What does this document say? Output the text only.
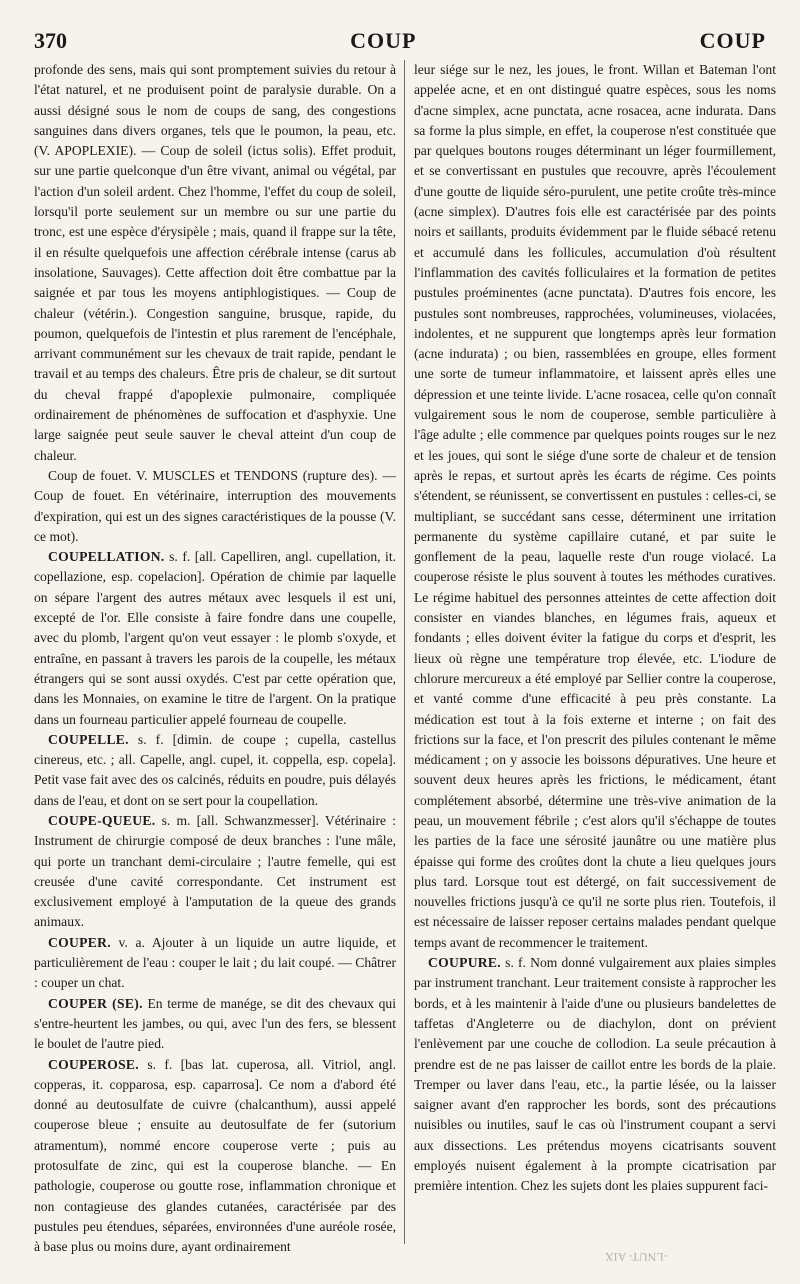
370	COUP	COUP

profonde des sens, mais qui sont promptement suivies du retour à l'état naturel, et ne produisent point de paralysie durable. On a aussi désigné sous le nom de coups de sang, des congestions sanguines dans divers organes, tels que le poumon, la peau, etc. (V. APOPLEXIE). — Coup de soleil (ictus solis). Effet produit, sur une partie quelconque d'un être vivant, animal ou végétal, par l'action d'un soleil ardent. Chez l'homme, l'effet du coup de soleil, lorsqu'il porte seulement sur un membre ou sur une partie du tronc, est une espèce d'érysipèle ; mais, quand il frappe sur la tête, il en résulte quelquefois une affection cérébrale intense (carus ab insolatione, Sauvages). Cette affection doit être combattue par la saignée et par tous les moyens antiphlogistiques. — Coup de chaleur (vétérin.). Congestion sanguine, brusque, rapide, du poumon, quelquefois de l'intestin et plus rarement de l'encéphale, arrivant communément sur les chevaux de trait rapide, pendant le travail et au temps des chaleurs. Être pris de chaleur, se dit surtout du cheval frappé d'apoplexie pulmonaire, compliquée ordinairement de phénomènes de suffocation et d'asphyxie. Une large saignée peut seule sauver le cheval atteint d'un coup de chaleur.

Coup de fouet. V. MUSCLES et TENDONS (rupture des). — Coup de fouet. En vétérinaire, interruption des mouvements d'expiration, qui est un des signes caractéristiques de la pousse (V. ce mot).

COUPELLATION. s. f. [all. Capelliren, angl. cupellation, it. copellazione, esp. copelacion]. Opération de chimie par laquelle on sépare l'argent des autres métaux avec lesquels il est uni, excepté de l'or. Elle consiste à faire fondre dans une coupelle, avec du plomb, l'argent qu'on veut essayer : le plomb s'oxyde, et entraîne, en passant à travers les parois de la coupelle, les métaux étrangers qui se sont aussi oxydés. C'est par cette opération que, dans les Monnaies, on examine le titre de l'argent. On la pratique dans un fourneau particulier appelé fourneau de coupelle.

COUPELLE. s. f. [dimin. de coupe ; cupella, castellus cinereus, etc. ; all. Capelle, angl. cupel, it. coppella, esp. copela]. Petit vase fait avec des os calcinés, réduits en poudre, puis délayés dans de l'eau, et dont on se sert pour la coupellation.

COUPE-QUEUE. s. m. [all. Schwanzmesser]. Vétérinaire : Instrument de chirurgie composé de deux branches : l'une mâle, qui porte un tranchant demi-circulaire ; l'autre femelle, qui est creusée d'une cavité correspondante. Cet instrument est exclusivement employé à l'amputation de la queue des grands animaux.

COUPER. v. a. Ajouter à un liquide un autre liquide, et particulièrement de l'eau : couper le lait ; du lait coupé. — Châtrer : couper un chat.

COUPER (SE). En terme de manége, se dit des chevaux qui s'entre-heurtent les jambes, ou qui, avec l'un des fers, se blessent le boulet de l'autre pied.

COUPEROSE. s. f. [bas lat. cuperosa, all. Vitriol, angl. copperas, it. copparosa, esp. caparrosa]. Ce nom a d'abord été donné au deutosulfate de cuivre (chalcanthum), aussi appelé couperose bleue ; ensuite au deutosulfate de fer (sutorium atramentum), nommé encore couperose verte ; puis au protosulfate de zinc, qui est la couperose blanche. — En pathologie, couperose ou goutte rose, inflammation chronique et non contagieuse des glandes cutanées, caractérisée par des pustules peu étendues, séparées, environnées d'une auréole rosée, à base plus ou moins dure, ayant ordinairement

leur siége sur le nez, les joues, le front. Willan et Bateman l'ont appelée acne, et en ont distingué quatre espèces, sous les noms d'acne simplex, acne punctata, acne rosacea, acne indurata. Dans sa forme la plus simple, en effet, la couperose n'est constituée que par quelques boutons rouges déterminant un léger fourmillement, et se convertissant en pustules que recouvre, après l'écoulement d'une goutte de liquide séro-purulent, une petite croûte très-mince (acne simplex). D'autres fois elle est caractérisée par des points noirs et saillants, produits évidemment par le fluide sébacé retenu et accumulé dans les follicules, accumulation d'où résultent l'inflammation des cavités folliculaires et la formation de petites pustules proéminentes (acne punctata). D'autres fois encore, les pustules sont nombreuses, rapprochées, volumineuses, violacées, indolentes, et ne suppurent que longtemps après leur formation (acne indurata) ; ou bien, rassemblées en groupe, elles forment une sorte de tumeur inflammatoire, et laissent après elles une dépression et une teinte livide. L'acne rosacea, celle qu'on connaît vulgairement sous le nom de couperose, semble particulière à l'âge adulte ; elle commence par quelques points rouges sur le nez et les joues, qui sont le siége d'une sorte de chaleur et de tension après le repas, et surtout après les écarts de régime. Ces points s'étendent, se réunissent, se convertissent en pustules : celles-ci, se multipliant, se succédant sans cesse, déterminent une irritation permanente du système capillaire cutané, et par suite le gonflement de la peau, laquelle reste d'un rouge violacé. La couperose résiste le plus souvent à toutes les méthodes curatives. Le régime habituel des personnes atteintes de cette affection doit consister en viandes blanches, en légumes frais, aqueux et fondants ; elles doivent éviter la fatigue du corps et d'esprit, les lieux où règne une température trop élevée, etc. L'iodure de chlorure mercureux a été employé par Sellier contre la couperose, et vanté comme d'une efficacité à peu près constante. La médication est tout à la fois externe et interne ; on fait des frictions sur la face, et l'on prescrit des pilules contenant le même médicament ; on y associe les boissons dépuratives. Une heure et souvent deux heures après les frictions, le médicament, étant complétement absorbé, détermine une très-vive animation de la peau, un mouvement fébrile ; c'est alors qu'il s'échappe de toutes les parties de la face une sérosité jaunâtre ou une matière plus épaisse qui forme des croûtes dont la chute a lieu quelques jours plus tard. Lorsque tout est détergé, on fait successivement de nouvelles frictions jusqu'à ce qu'il ne sorte plus rien. Toutefois, il est nécessaire de laisser reposer certains malades pendant quelque temps avant de recommencer le traitement.

COUPURE. s. f. Nom donné vulgairement aux plaies simples par instrument tranchant. Leur traitement consiste à rapprocher les bords, et à les maintenir à l'aide d'une ou plusieurs bandelettes de taffetas d'Angleterre ou de diachylon, dont on prévient l'enlèvement par une couche de collodion. La seule précaution à prendre est de ne pas laisser de caillot entre les bords de la plaie. Tremper ou laver dans l'eau, etc., la partie lésée, ou la laisser saigner avant d'en rapprocher les bords, sont des précautions nuisibles ou inutiles, sauf le cas où l'instrument coupant a servi aux dissections. Les prétendus moyens cicatrisants souvent employés nuisent également à la prompte cicatrisation par première intention. Chez les sujets dont les plaies suppurent faci-

-LNUT- AIX
